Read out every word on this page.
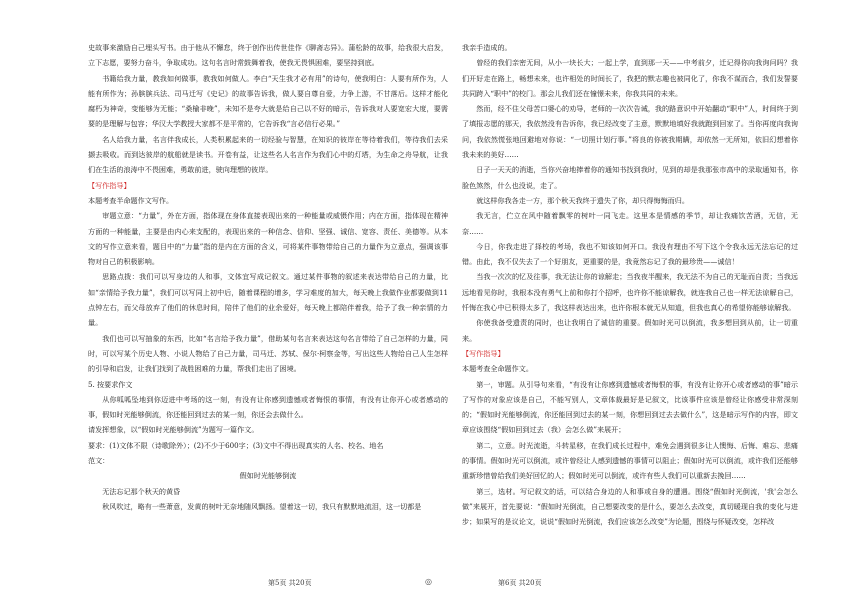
史故事来激励自己埋头写书。由于他从不懈怠，终于创作出传世佳作《聊斋志异》。蒲松龄的故事，给我很大启发，立下志愿，要努力奋斗，争取成功。这句名言时常鼓舞着我，使我无畏惧困难，要坚持到底。

书籍给我力量，教我如何做事，教我如何做人。李白“天生我才必有用”的诗句，使我明白：人要有所作为，人能有所作为；孙膑膑兵法、司马迁写《史记》的故事告诉我，做人要自尊自爱，力争上游，不甘落后。这样才能化腐朽为神奇，变能够为无能；“桑榆非晚”，未知不是夸大就是给自己以不好的暗示，告诉我对人要宽宏大度，要需要的是理解与包容；华汉大学教授大家都不是平常的，它告诉我“言必信行必果。”

名人给我力量，名言伴我成长，人类积累起来的一切经验与智慧，在知识的彼岸在等待着我们，等待我们去采撷去吸收。而到达彼岸的航船就是读书。开卷有益，让这些名人名言作为我们心中的灯塔，为生命之舟导航，让我们在生活的浪涛中不畏困难，勇敢前进，驶向理想的彼岸。

【写作指导】

本题考查半命题作文写作。

审题立意：“力量”，外在方面，指体现在身体直接表现出来的一种能量或威慑作用；内在方面，指体现在精神方面的一种能量，主要是由内心来支配的，表现出来的一种信念、信仰、坚强、诚信、宽容、责任、美德等。从本文的写作立意来看，题目中的“力量”指的是内在方面的含义，可将某件事物带给自己的力量作为立意点，强调该事物对自己的积极影响。

思路点拨：我们可以写身边的人和事，文体宜写成记叙文。通过某件事物的叙述来表达带给自己的力量，比如“亲情给予我力量”，我们可以写同上初中后，随着课程的增多，学习难度的加大，每天晚上我做作业都要做到11点钟左右，而父母放弃了他们的休息时间，陪伴了他们的业余爱好，每天晚上都陪伴着我，给予了我一种亲情的力量。

我们也可以写抽象的东西，比如“名言给予我力量”，借助某句名言来表达这句名言带给了自己怎样的力量，同时，可以写某个历史人物、小说人物给了自己力量，司马迁、苏轼、保尔·柯察金等，写出这些人物给自己人生怎样的引导和启发，让我们找到了战胜困难的力量，帮我们走出了困境。

5. 按要求作文

从你呱呱坠地到你迈进中考场的这一刻，有没有让你感到遗憾或者悔恨的事情，有没有让你开心或者感动的事，假如时光能够倒流，你还能回到过去的某一刻，你还会去做什么。

请发挥想象，以“假如时光能够倒流”为题写一篇作文。

要求：(1)文体不限（诗歌除外）；(2)不少于600字；(3)文中不得出现真实的人名、校名、地名

范文：

假如时光能够倒流

无法忘记那个秋天的黄昏

秋风吹过，略有一些萧意，发黄的树叶无奈地随风飘扬。望着这一切，我只有默默地流泪，这一切都是

我亲手造成的。

曾经的我们亲密无间，从小一块长大；一起上学，直到那一天——中考前夕，迁记得你向我询问吗？我们开好走在路上，畅想未来，也许相处的时间长了，我把的默志趣也被同化了，你我不谋而合，我们发誓要共同跨入“职中”的校门。那会儿我们还在憧憬未来，你我共同的未来。

然而，经不住父母苦口婆心的劝导，老师的一次次告诫，我的路意识中开始翻动“职中”人，时间终于到了填报志愿的那天，我依然没有告诉你，我已经改变了主意，默默地填好我就跑到回家了。当你再度向我询问，我依然慌张地回避地对你说：“一切照计划行事。”将良的你被我期瞒，却依然一无所知，依旧幻想着你我未来的美好……

日子一天天的消逝，当你兴奋地捧着你的通知书找到我时，见到的却是我那张市高中的录取通知书，你脸色煞然，什么也没说，走了。

就这样你我各走一方，那个秋天我终于遗失了你，却只得悔悔而归。

我无言，伫立在风中随着飘零的树叶一同飞走。这里本是情感的季节，却让我痛饮苦酒，无信，无奈……

今日，你我走进了择校的考场，我也不知该如何开口。我没有理由不写下这个令我永远无法忘记的过错。由此，我不仅失去了一个好朋友，更重要的是，我竟然忘记了我的最珍贵——诚信！

当我一次次的忆及往事，我无法让你的谅解走；当我夜半醒来，我无法不为自己的无耻而自责；当我远远地看见你时，我根本没有勇气上前和你打个招呼，也许你不能谅解我，就连我自己也一样无法谅解自己，忏悔在我心中已积得太多了，我这样表达出来，也许你根本就无从知道，但我也真心的希望你能够谅解我。

你使我备受遗责的同时，也让我明白了诚信的重要。假如时光可以倒流，我多想回到从前，让一切重来。

【写作指导】

本题考查全命题作文。

第一，审题。从引导句来看，“有没有让你感到遗憾或者悔恨的事，有没有让你开心或者感动的事”暗示了写作的对象应该是自己，不能写别人，文章体裁最好是记叙文，比该事件应该是曾经让你感受非常深刻的；“假如时光能够倒流，你还能回到过去的某一刻，你想回到过去去做什么”，这是暗示写作的内容，即文章应该围绕“假如回到过去（我）会怎么做”来展开；

第二，立意。时光流逝，斗转星移，在我们成长过程中，难免会遇到很多让人懊悔、后悔、难忘、悲痛的事情。假如时光可以倒流，或许曾经让人感到遗憾的事情可以阻止；假如时光可以倒流，或许我们还能够重新珍惜曾给我们美好回忆的人；假如时光可以倒流，或许有些人我们可以重新去挽回……

第三，选材。写记叙文的话，可以结合身边的人和事或自身的遭遇。围绕“假如时光倒流，'我'会怎么做”来展开，首先要说：“假如时光倒流，自己想要改变的是什么，要怎么去改变，真切暖现自我的变化与进步；如果写的是议论文，说说“假如时光倒流，我们应该怎么改变”为论题，围绕与怀疑改变，怎样改

第5页 共20页	◎	第6页 共20页
